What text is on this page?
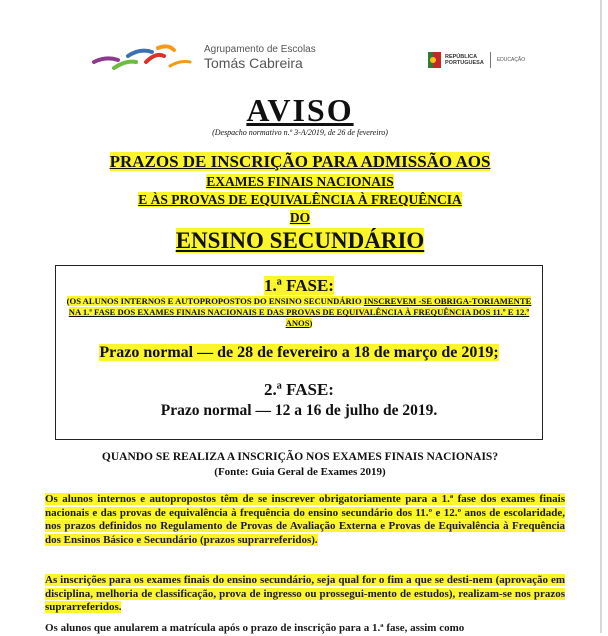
Agrupamento de Escolas
Tomás Cabreira	REPÚBLICA
PORTUGUESA	EDUCAÇÃO
AVISO
(Despacho normativo n.º 3-A/2019, de 26 de fevereiro)
PRAZOS DE INSCRIÇÃO PARA ADMISSÃO AOS
EXAMES FINAIS NACIONAIS
E ÀS PROVAS DE EQUIVALÊNCIA À FREQUÊNCIA
DO
ENSINO SECUNDÁRIO
1.ª FASE:
(OS ALUNOS INTERNOS E AUTOPROPOSTOS DO ENSINO SECUNDÁRIO INSCREVEM -SE OBRIGA-TORIAMENTE NA 1.ª FASE DOS EXAMES FINAIS NACIONAIS E DAS PROVAS DE EQUIVALÊNCIA À FREQUÊNCIA DOS 11.º E 12.º ANOS)
Prazo normal — de 28 de fevereiro a 18 de março de 2019;
2.ª FASE:
Prazo normal — 12 a 16 de julho de 2019.
QUANDO SE REALIZA A INSCRIÇÃO NOS EXAMES FINAIS NACIONAIS?
(Fonte: Guia Geral de Exames 2019)
Os alunos internos e autopropostos têm de se inscrever obrigatoriamente para a 1.ª fase dos exames finais nacionais e das provas de equivalência à frequência do ensino secundário dos 11.º e 12.º anos de escolaridade, nos prazos definidos no Regulamento de Provas de Avaliação Externa e Provas de Equivalência à Frequência dos Ensinos Básico e Secundário (prazos suprarreferidos).
As inscrições para os exames finais do ensino secundário, seja qual for o fim a que se desti-nem (aprovação em disciplina, melhoria de classificação, prova de ingresso ou prossegui-mento de estudos), realizam-se nos prazos suprarreferidos.
Os alunos que anularem a matrícula após o prazo de inscrição para a 1.ª fase, assim como
